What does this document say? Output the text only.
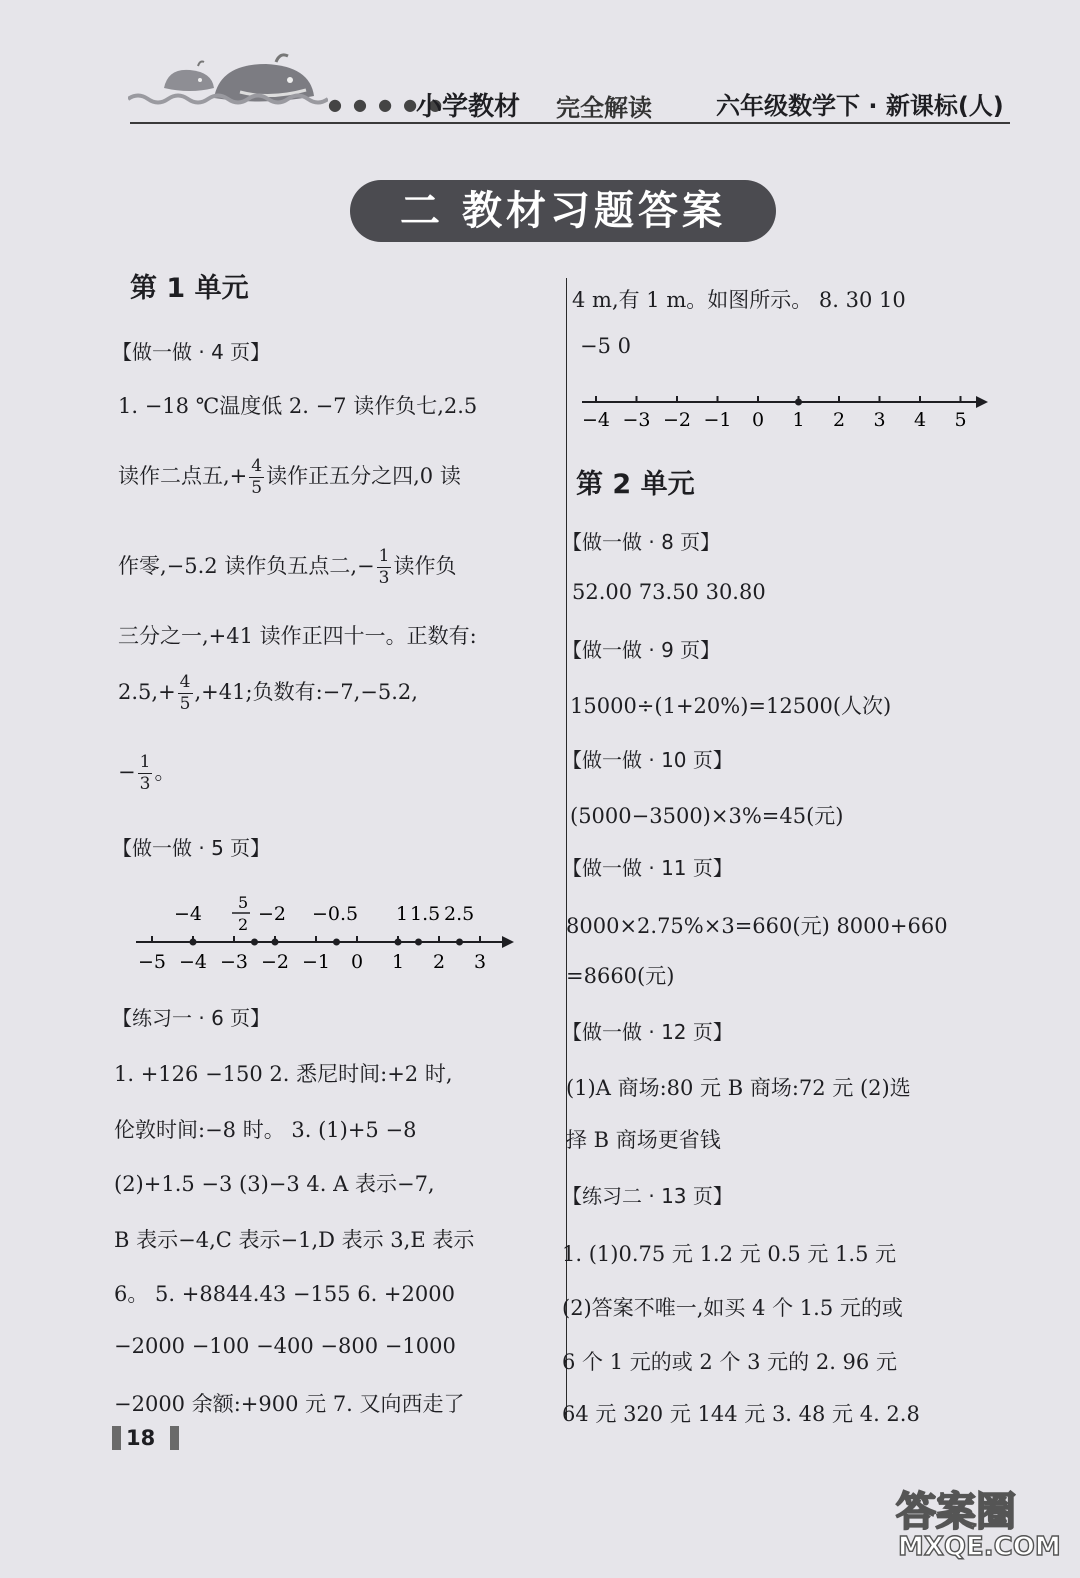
● ● ● ● ●
小学教材 完全解读	六年级数学下 · 新课标(人)
二 教材习题答案
第 1 单元
【做一做 · 4 页】
1. −18 ℃温度低 2. −7 读作负七,2.5
读作二点五,+ $\frac{4}{5}$ 读作正五分之四,0 读
作零,−5.2 读作负五点二,− $\frac{1}{3}$ 读作负
三分之一,+41 读作正四十一。正数有:
$2.5,+ \frac{4}{5} ,+41$;负数有:−7,−5.2,
− $\frac{1}{3}$ 。
【做一做 · 5 页】
−5 −4 −3 −2 −1 0 1 2 3
−4
5
2 −2 −0.5 1 1.5 2.5
【练习一 · 6 页】
1. +126 −150 2. 悉尼时间:+2 时,
伦敦时间:−8 时。 3. (1)+5 −8
(2)+1.5 −3 (3)−3 4. A 表示−7,
B 表示−4,C 表示−1,D 表示 3,E 表示
6。 5. +8844.43 −155 6. +2000
−2000 −100 −400 −800 −1000
−2000 余额:+900 元 7. 又向西走了
4 m,有 1 m。如图所示。 8. 30 10
−5 0
−4 −3 −2 −1 0 1 2 3 4 5
第 2 单元
【做一做 · 8 页】
52.00 73.50 30.80
【做一做 · 9 页】
15000÷(1+20%)=12500(人次)
【做一做 · 10 页】
(5000−3500)×3%=45(元)
【做一做 · 11 页】
8000×2.75%×3=660(元) 8000+660
=8660(元)
【做一做 · 12 页】
(1)A 商场:80 元 B 商场:72 元 (2)选
择 B 商场更省钱
【练习二 · 13 页】
1. (1)0.75 元 1.2 元 0.5 元 1.5 元
(2)答案不唯一,如买 4 个 1.5 元的或
6 个 1 元的或 2 个 3 元的 2. 96 元
64 元 320 元 144 元 3. 48 元 4. 2.8
18
答案圈
MXQE.COM
